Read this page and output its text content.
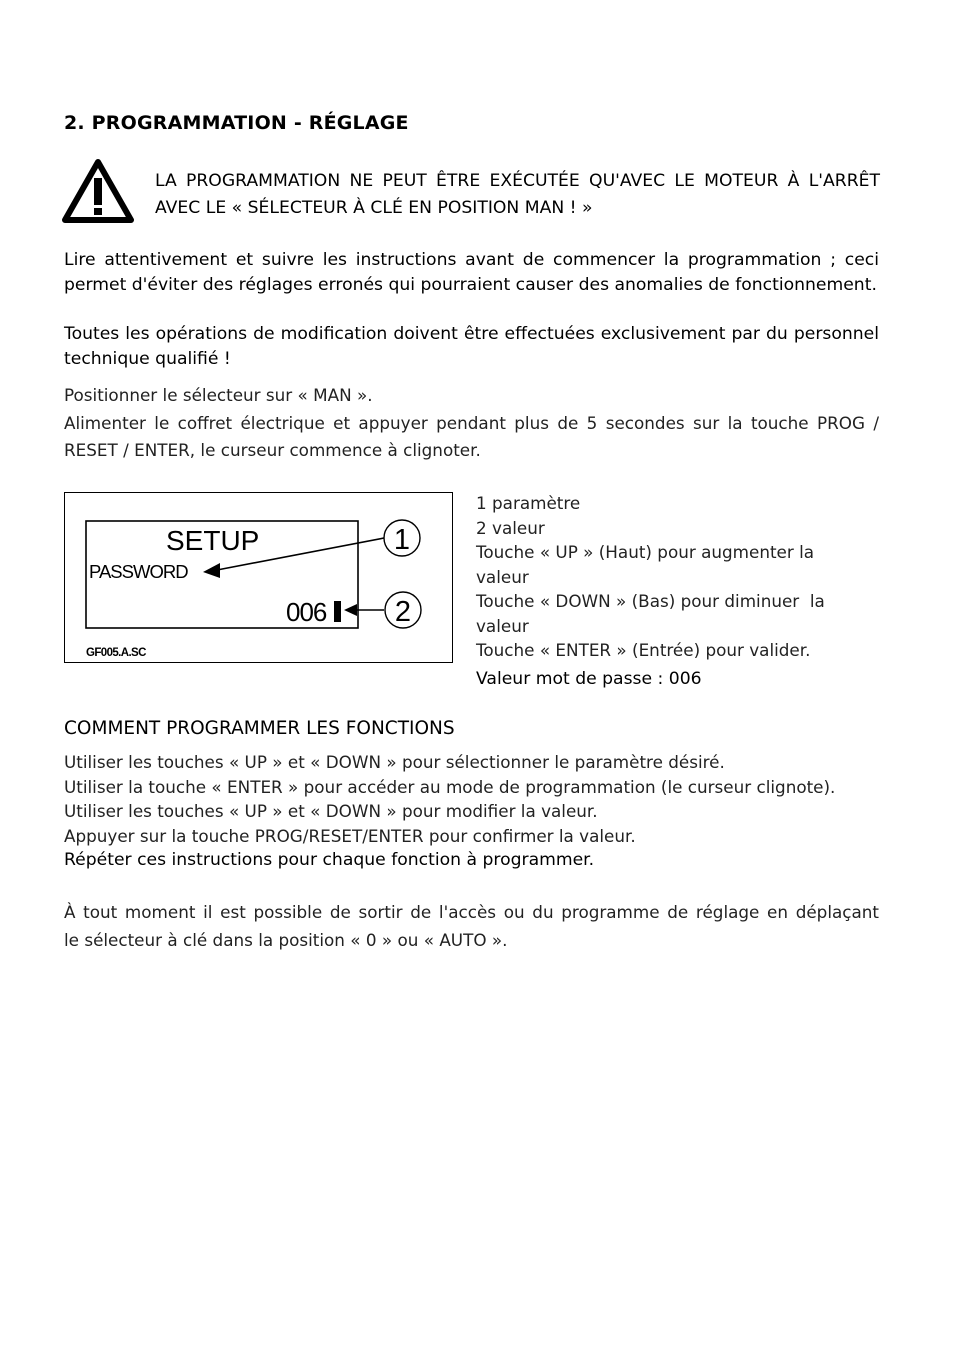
2. PROGRAMMATION - RÉGLAGE
LA PROGRAMMATION NE PEUT ÊTRE EXÉCUTÉE QU'AVEC LE MOTEUR À L'ARRÊT
AVEC LE « SÉLECTEUR À CLÉ EN POSITION MAN ! »
Lire attentivement et suivre les instructions avant de commencer la programmation ; ceci
permet d'éviter des réglages erronés qui pourraient causer des anomalies de fonctionnement.
Toutes les opérations de modification doivent être effectuées exclusivement par du personnel
technique qualifié !
Positionner le sélecteur sur « MAN ».
Alimenter le coffret électrique et appuyer pendant plus de 5 secondes sur la touche PROG /
RESET / ENTER, le curseur commence à clignoter.
SETUP
PASSWORD
006
1
2
GF005.A.SC
1 paramètre
2 valeur
Touche « UP » (Haut) pour augmenter la
valeur
Touche « DOWN » (Bas) pour diminuer  la
valeur
Touche « ENTER » (Entrée) pour valider.
Valeur mot de passe : 006
COMMENT PROGRAMMER LES FONCTIONS
Utiliser les touches « UP » et « DOWN » pour sélectionner le paramètre désiré.
Utiliser la touche « ENTER » pour accéder au mode de programmation (le curseur clignote).
Utiliser les touches « UP » et « DOWN » pour modifier la valeur.
Appuyer sur la touche PROG/RESET/ENTER pour confirmer la valeur.
Répéter ces instructions pour chaque fonction à programmer.
À tout moment il est possible de sortir de l'accès ou du programme de réglage en déplaçant
le sélecteur à clé dans la position « 0 » ou « AUTO ».
